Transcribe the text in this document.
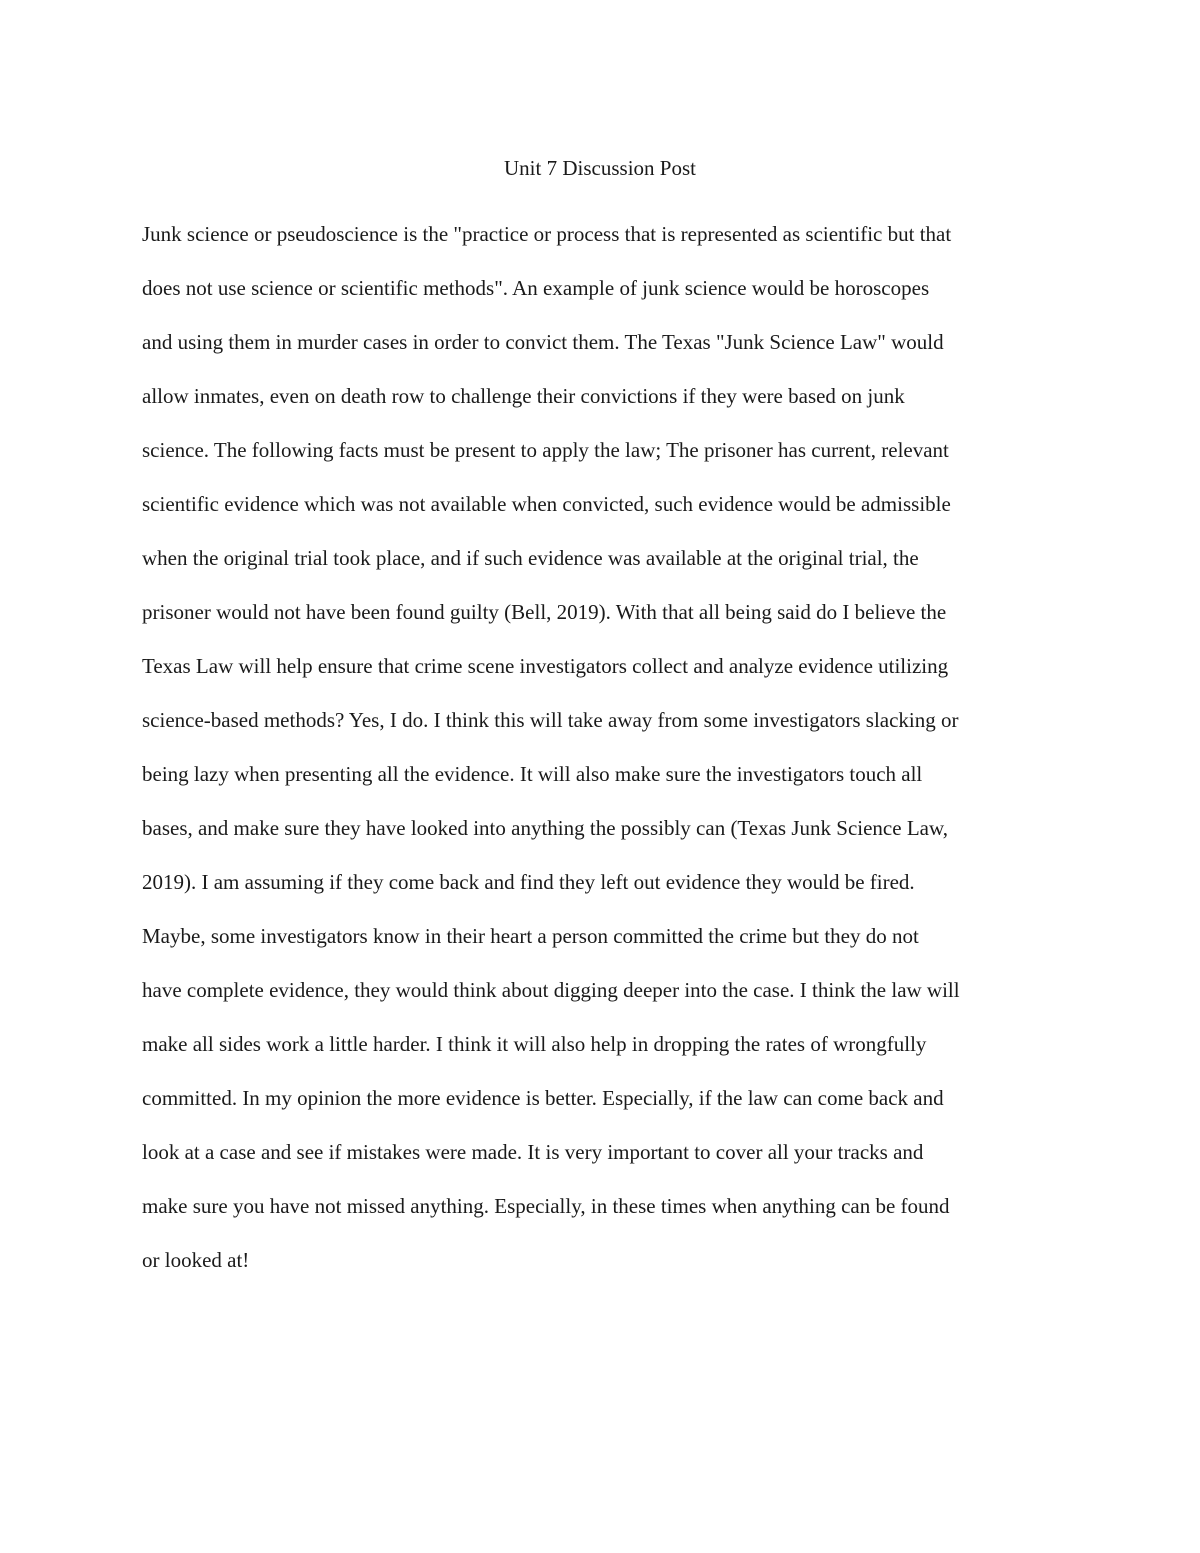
Unit 7 Discussion Post

Junk science or pseudoscience is the "practice or process that is represented as scientific but that

does not use science or scientific methods". An example of junk science would be horoscopes

and using them in murder cases in order to convict them. The Texas "Junk Science Law" would

allow inmates, even on death row to challenge their convictions if they were based on junk

science. The following facts must be present to apply the law; The prisoner has current, relevant

scientific evidence which was not available when convicted, such evidence would be admissible

when the original trial took place, and if such evidence was available at the original trial, the

prisoner would not have been found guilty (Bell, 2019). With that all being said do I believe the

Texas Law will help ensure that crime scene investigators collect and analyze evidence utilizing

science-based methods? Yes, I do. I think this will take away from some investigators slacking or

being lazy when presenting all the evidence. It will also make sure the investigators touch all

bases, and make sure they have looked into anything the possibly can (Texas Junk Science Law,

2019). I am assuming if they come back and find they left out evidence they would be fired.

Maybe, some investigators know in their heart a person committed the crime but they do not

have complete evidence, they would think about digging deeper into the case. I think the law will

make all sides work a little harder. I think it will also help in dropping the rates of wrongfully

committed. In my opinion the more evidence is better. Especially, if the law can come back and

look at a case and see if mistakes were made. It is very important to cover all your tracks and

make sure you have not missed anything. Especially, in these times when anything can be found

or looked at!
